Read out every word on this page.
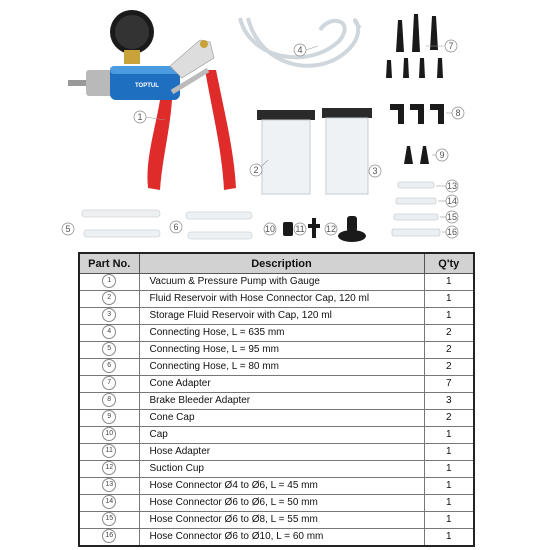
TOPTUL
1
2	3
4
5	6
7
8
9
10 11 12
13
14
15
16
Part No.	Description	Q'ty
1	Vacuum & Pressure Pump with Gauge	1
2	Fluid Reservoir with Hose Connector Cap, 120 ml	1
3	Storage Fluid Reservoir with Cap, 120 ml	1
4	Connecting Hose, L = 635 mm	2
5	Connecting Hose, L = 95 mm	2
6	Connecting Hose, L = 80 mm	2
7	Cone Adapter	7
8	Brake Bleeder Adapter	3
9	Cone Cap	2
10	Cap	1
11	Hose Adapter	1
12	Suction Cup	1
13	Hose Connector Ø4 to Ø6, L = 45 mm	1
14	Hose Connector Ø6 to Ø6, L = 50 mm	1
15	Hose Connector Ø6 to Ø8, L = 55 mm	1
16	Hose Connector Ø6 to Ø10, L = 60 mm	1
